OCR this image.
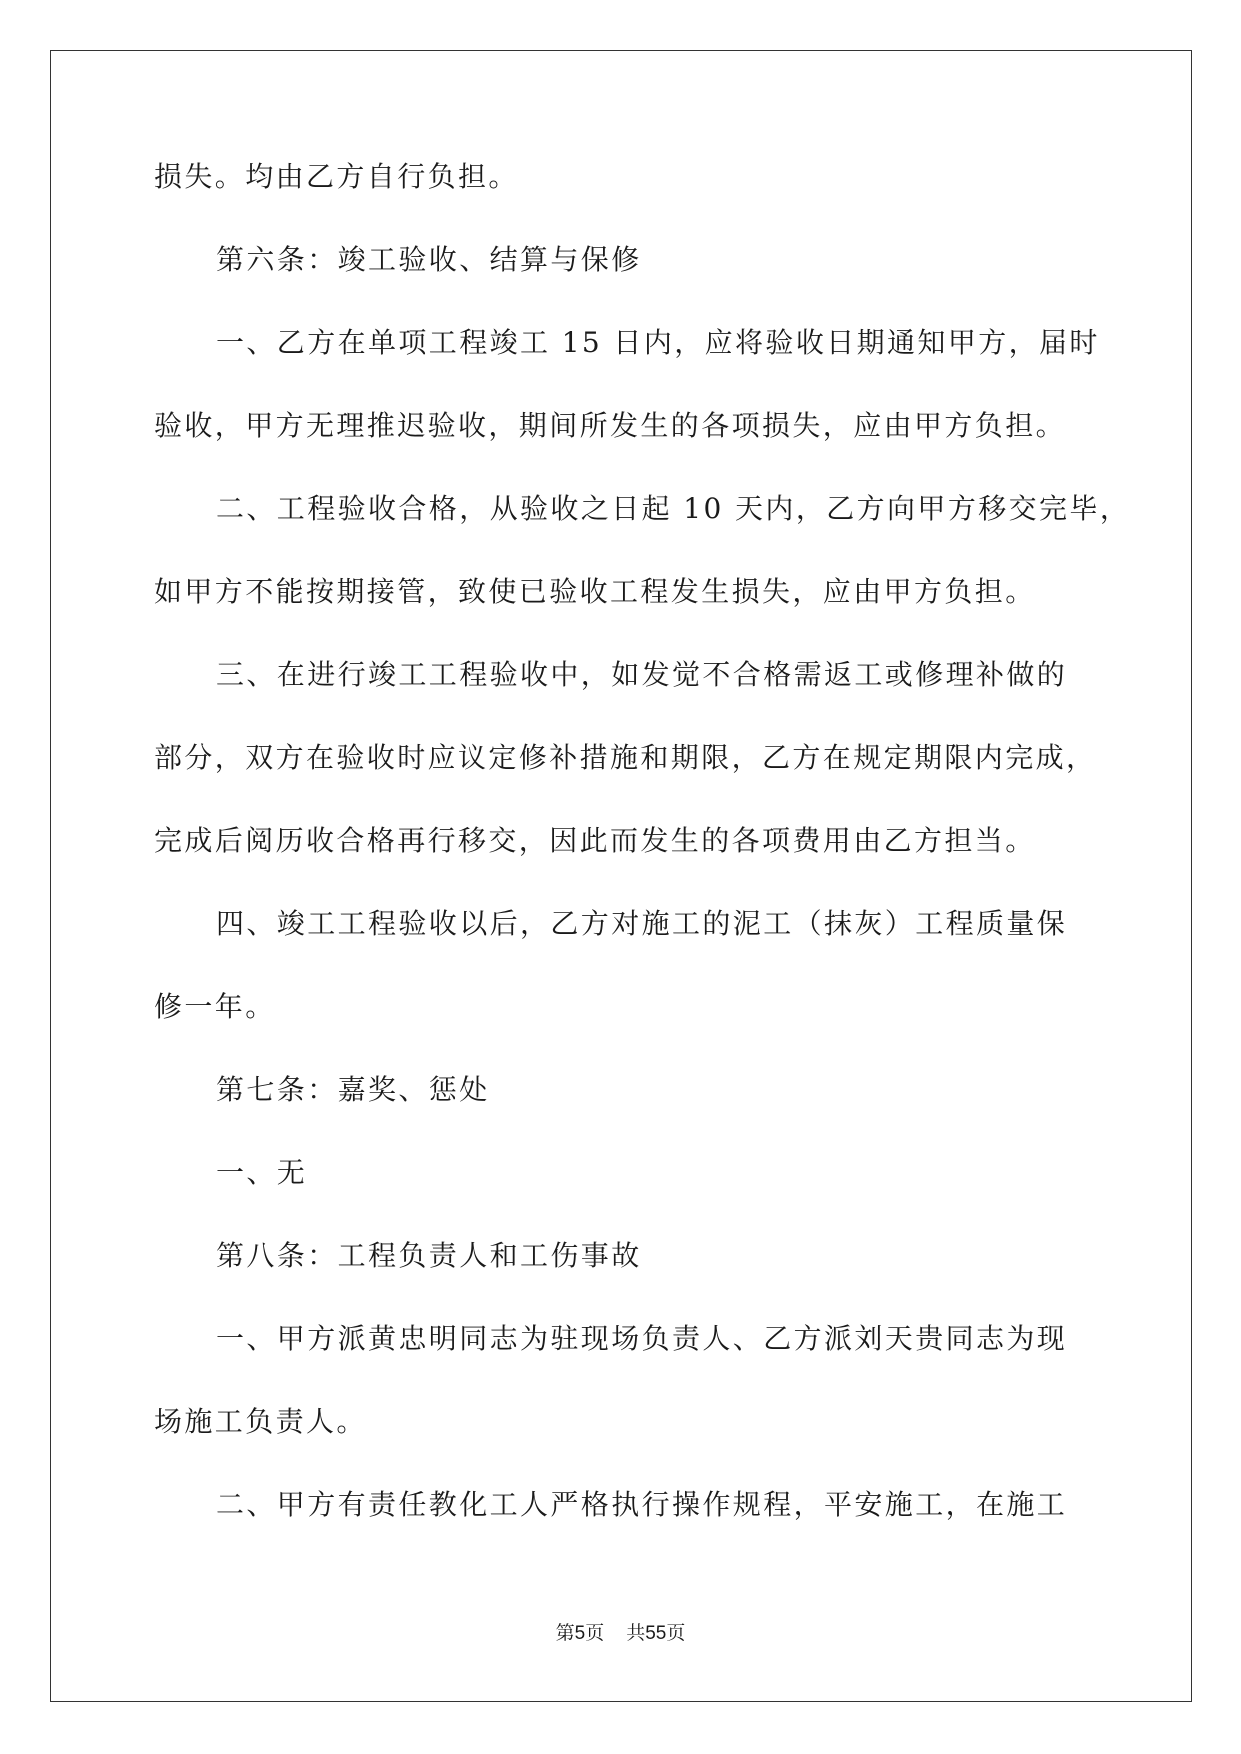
损失。均由乙方自行负担。
第六条：竣工验收、结算与保修
一、乙方在单项工程竣工 15 日内，应将验收日期通知甲方，届时
验收，甲方无理推迟验收，期间所发生的各项损失，应由甲方负担。
二、工程验收合格，从验收之日起 10 天内，乙方向甲方移交完毕，
如甲方不能按期接管，致使已验收工程发生损失，应由甲方负担。
三、在进行竣工工程验收中，如发觉不合格需返工或修理补做的
部分，双方在验收时应议定修补措施和期限，乙方在规定期限内完成，
完成后阅历收合格再行移交，因此而发生的各项费用由乙方担当。
四、竣工工程验收以后，乙方对施工的泥工（抹灰）工程质量保
修一年。
第七条：嘉奖、惩处
一、无
第八条：工程负责人和工伤事故
一、甲方派黄忠明同志为驻现场负责人、乙方派刘天贵同志为现
场施工负责人。
二、甲方有责任教化工人严格执行操作规程，平安施工，在施工
第5页 共55页
